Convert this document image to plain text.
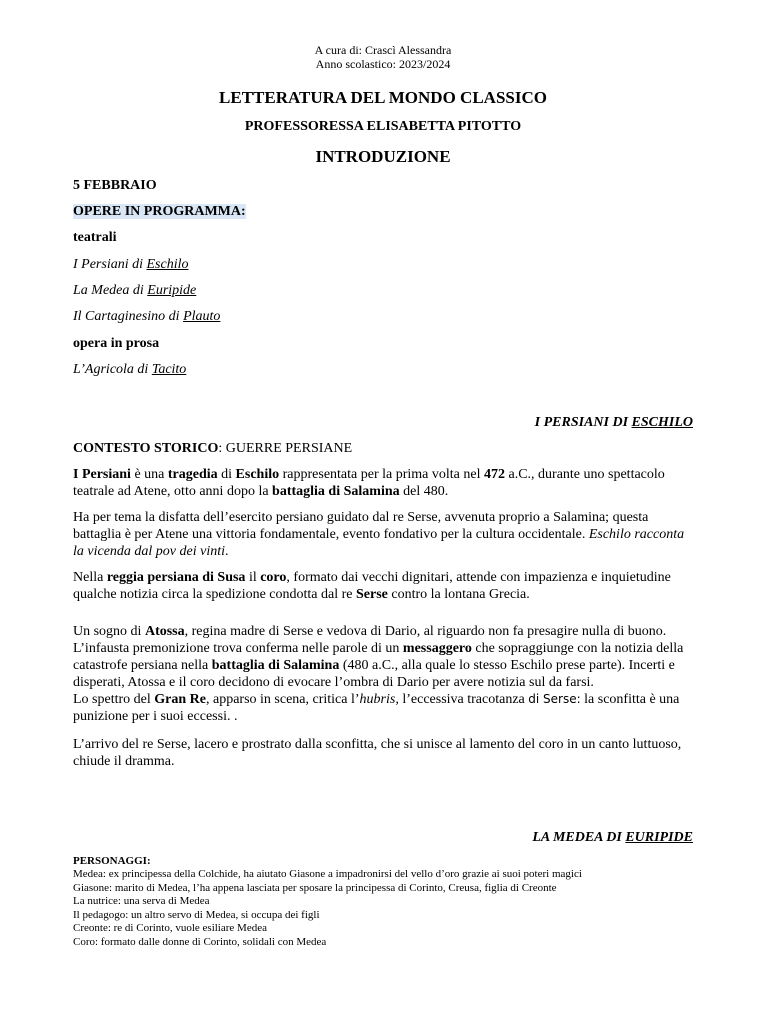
A cura di: Crascì Alessandra
Anno scolastico: 2023/2024
LETTERATURA DEL MONDO CLASSICO
PROFESSORESSA ELISABETTA PITOTTO
INTRODUZIONE
5 FEBBRAIO
OPERE IN PROGRAMMA:
teatrali
I Persiani di Eschilo
La Medea di Euripide
Il Cartaginesino di Plauto
opera in prosa
L’Agricola di Tacito
I PERSIANI DI ESCHILO
CONTESTO STORICO: GUERRE PERSIANE
I Persiani è una tragedia di Eschilo rappresentata per la prima volta nel 472 a.C., durante uno spettacolo teatrale ad Atene, otto anni dopo la battaglia di Salamina del 480.
Ha per tema la disfatta dell’esercito persiano guidato dal re Serse, avvenuta proprio a Salamina; questa battaglia è per Atene una vittoria fondamentale, evento fondativo per la cultura occidentale. Eschilo racconta la vicenda dal pov dei vinti.
Nella reggia persiana di Susa il coro, formato dai vecchi dignitari, attende con impazienza e inquietudine qualche notizia circa la spedizione condotta dal re Serse contro la lontana Grecia.
Un sogno di Atossa, regina madre di Serse e vedova di Dario, al riguardo non fa presagire nulla di buono. L’infausta premonizione trova conferma nelle parole di un messaggero che sopraggiunge con la notizia della catastrofe persiana nella battaglia di Salamina (480 a.C., alla quale lo stesso Eschilo prese parte). Incerti e disperati, Atossa e il coro decidono di evocare l’ombra di Dario per avere notizia sul da farsi.
Lo spettro del Gran Re, apparso in scena, critica l’hubris, l’eccessiva tracotanza di Serse: la sconfitta è una punizione per i suoi eccessi. .
L’arrivo del re Serse, lacero e prostrato dalla sconfitta, che si unisce al lamento del coro in un canto luttuoso, chiude il dramma.
LA MEDEA DI EURIPIDE
PERSONAGGI:
Medea: ex principessa della Colchide, ha aiutato Giasone a impadronirsi del vello d’oro grazie ai suoi poteri magici
Giasone: marito di Medea, l’ha appena lasciata per sposare la principessa di Corinto, Creusa, figlia di Creonte
La nutrice: una serva di Medea
Il pedagogo: un altro servo di Medea, si occupa dei figli
Creonte: re di Corinto, vuole esiliare Medea
Coro: formato dalle donne di Corinto, solidali con Medea
